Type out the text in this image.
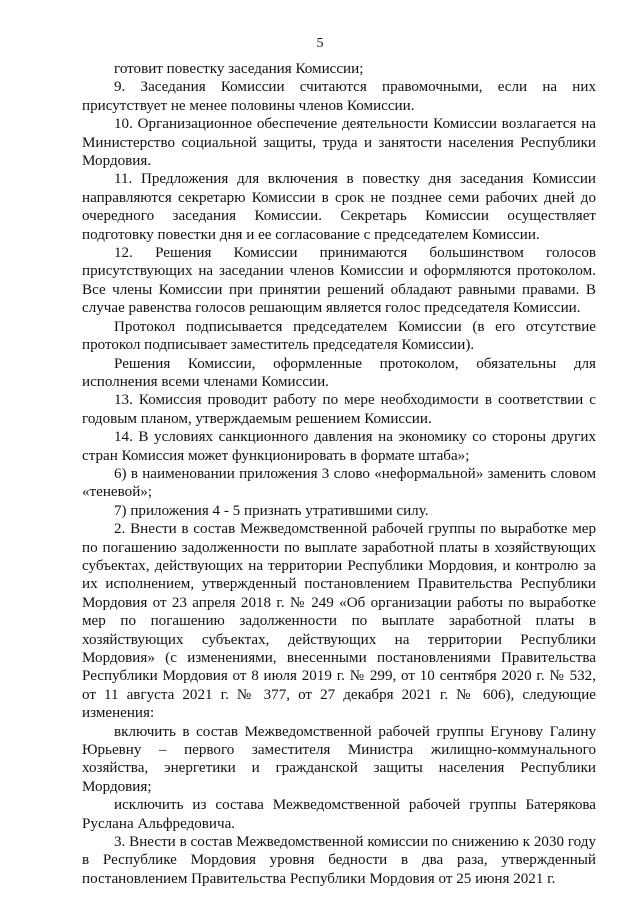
5

готовит повестку заседания Комиссии;

9. Заседания Комиссии считаются правомочными, если на них присутствует не менее половины членов Комиссии.

10. Организационное обеспечение деятельности Комиссии возлагается на Министерство социальной защиты, труда и занятости населения Республики Мордовия.

11. Предложения для включения в повестку дня заседания Комиссии направляются секретарю Комиссии в срок не позднее семи рабочих дней до очередного заседания Комиссии. Секретарь Комиссии осуществляет подготовку повестки дня и ее согласование с председателем Комиссии.

12. Решения Комиссии принимаются большинством голосов присутствующих на заседании членов Комиссии и оформляются протоколом. Все члены Комиссии при принятии решений обладают равными правами. В случае равенства голосов решающим является голос председателя Комиссии.

Протокол подписывается председателем Комиссии (в его отсутствие протокол подписывает заместитель председателя Комиссии).

Решения Комиссии, оформленные протоколом, обязательны для исполнения всеми членами Комиссии.

13. Комиссия проводит работу по мере необходимости в соответствии с годовым планом, утверждаемым решением Комиссии.

14. В условиях санкционного давления на экономику со стороны других стран Комиссия может функционировать в формате штаба»;

6) в наименовании приложения 3 слово «неформальной» заменить словом «теневой»;

7) приложения 4 - 5 признать утратившими силу.

2. Внести в состав Межведомственной рабочей группы по выработке мер по погашению задолженности по выплате заработной платы в хозяйствующих субъектах, действующих на территории Республики Мордовия, и контролю за их исполнением, утвержденный постановлением Правительства Республики Мордовия от 23 апреля 2018 г. № 249 «Об организации работы по выработке мер по погашению задолженности по выплате заработной платы в хозяйствующих субъектах, действующих на территории Республики Мордовия» (с изменениями, внесенными постановлениями Правительства Республики Мордовия от 8 июля 2019 г. № 299, от 10 сентября 2020 г. № 532, от 11 августа 2021 г. № 377, от 27 декабря 2021 г. № 606), следующие изменения:

включить в состав Межведомственной рабочей группы Егунову Галину Юрьевну – первого заместителя Министра жилищно-коммунального хозяйства, энергетики и гражданской защиты населения Республики Мордовия;

исключить из состава Межведомственной рабочей группы Батерякова Руслана Альфредовича.

3. Внести в состав Межведомственной комиссии по снижению к 2030 году в Республике Мордовия уровня бедности в два раза, утвержденный постановлением Правительства Республики Мордовия от 25 июня 2021 г.
